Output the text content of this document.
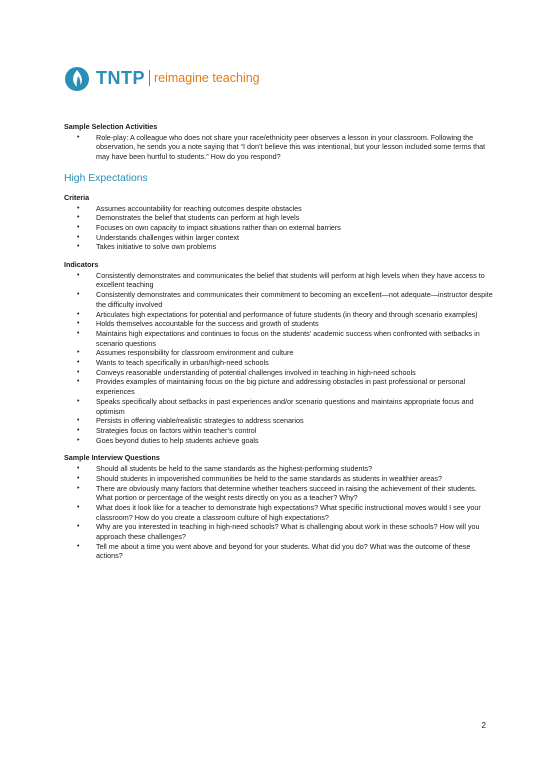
TNTP reimagine teaching

Sample Selection Activities

• Role-play: A colleague who does not share your race/ethnicity peer observes a lesson in your classroom. Following the observation, he sends you a note saying that “I don’t believe this was intentional, but your lesson included some terms that may have been hurtful to students.” How do you respond?
High Expectations

Criteria

• Assumes accountability for reaching outcomes despite obstacles
• Demonstrates the belief that students can perform at high levels
• Focuses on own capacity to impact situations rather than on external barriers
• Understands challenges within larger context
• Takes initiative to solve own problems

Indicators

• Consistently demonstrates and communicates the belief that students will perform at high levels when they have access to excellent teaching
• Consistently demonstrates and communicates their commitment to becoming an excellent—not adequate—instructor despite the difficulty involved
• Articulates high expectations for potential and performance of future students (in theory and through scenario examples)
• Holds themselves accountable for the success and growth of students
• Maintains high expectations and continues to focus on the students’ academic success when confronted with setbacks in scenario questions
• Assumes responsibility for classroom environment and culture
• Wants to teach specifically in urban/high-need schools
• Conveys reasonable understanding of potential challenges involved in teaching in high-need schools
• Provides examples of maintaining focus on the big picture and addressing obstacles in past professional or personal experiences
• Speaks specifically about setbacks in past experiences and/or scenario questions and maintains appropriate focus and optimism
• Persists in offering viable/realistic strategies to address scenarios
• Strategies focus on factors within teacher’s control
• Goes beyond duties to help students achieve goals

Sample Interview Questions

• Should all students be held to the same standards as the highest-performing students?
• Should students in impoverished communities be held to the same standards as students in wealthier areas?
• There are obviously many factors that determine whether teachers succeed in raising the achievement of their students. What portion or percentage of the weight rests directly on you as a teacher? Why?
• What does it look like for a teacher to demonstrate high expectations? What specific instructional moves would I see your classroom? How do you create a classroom culture of high expectations?
• Why are you interested in teaching in high-need schools? What is challenging about work in these schools? How will you approach these challenges?
• Tell me about a time you went above and beyond for your students. What did you do? What was the outcome of these actions?
2
